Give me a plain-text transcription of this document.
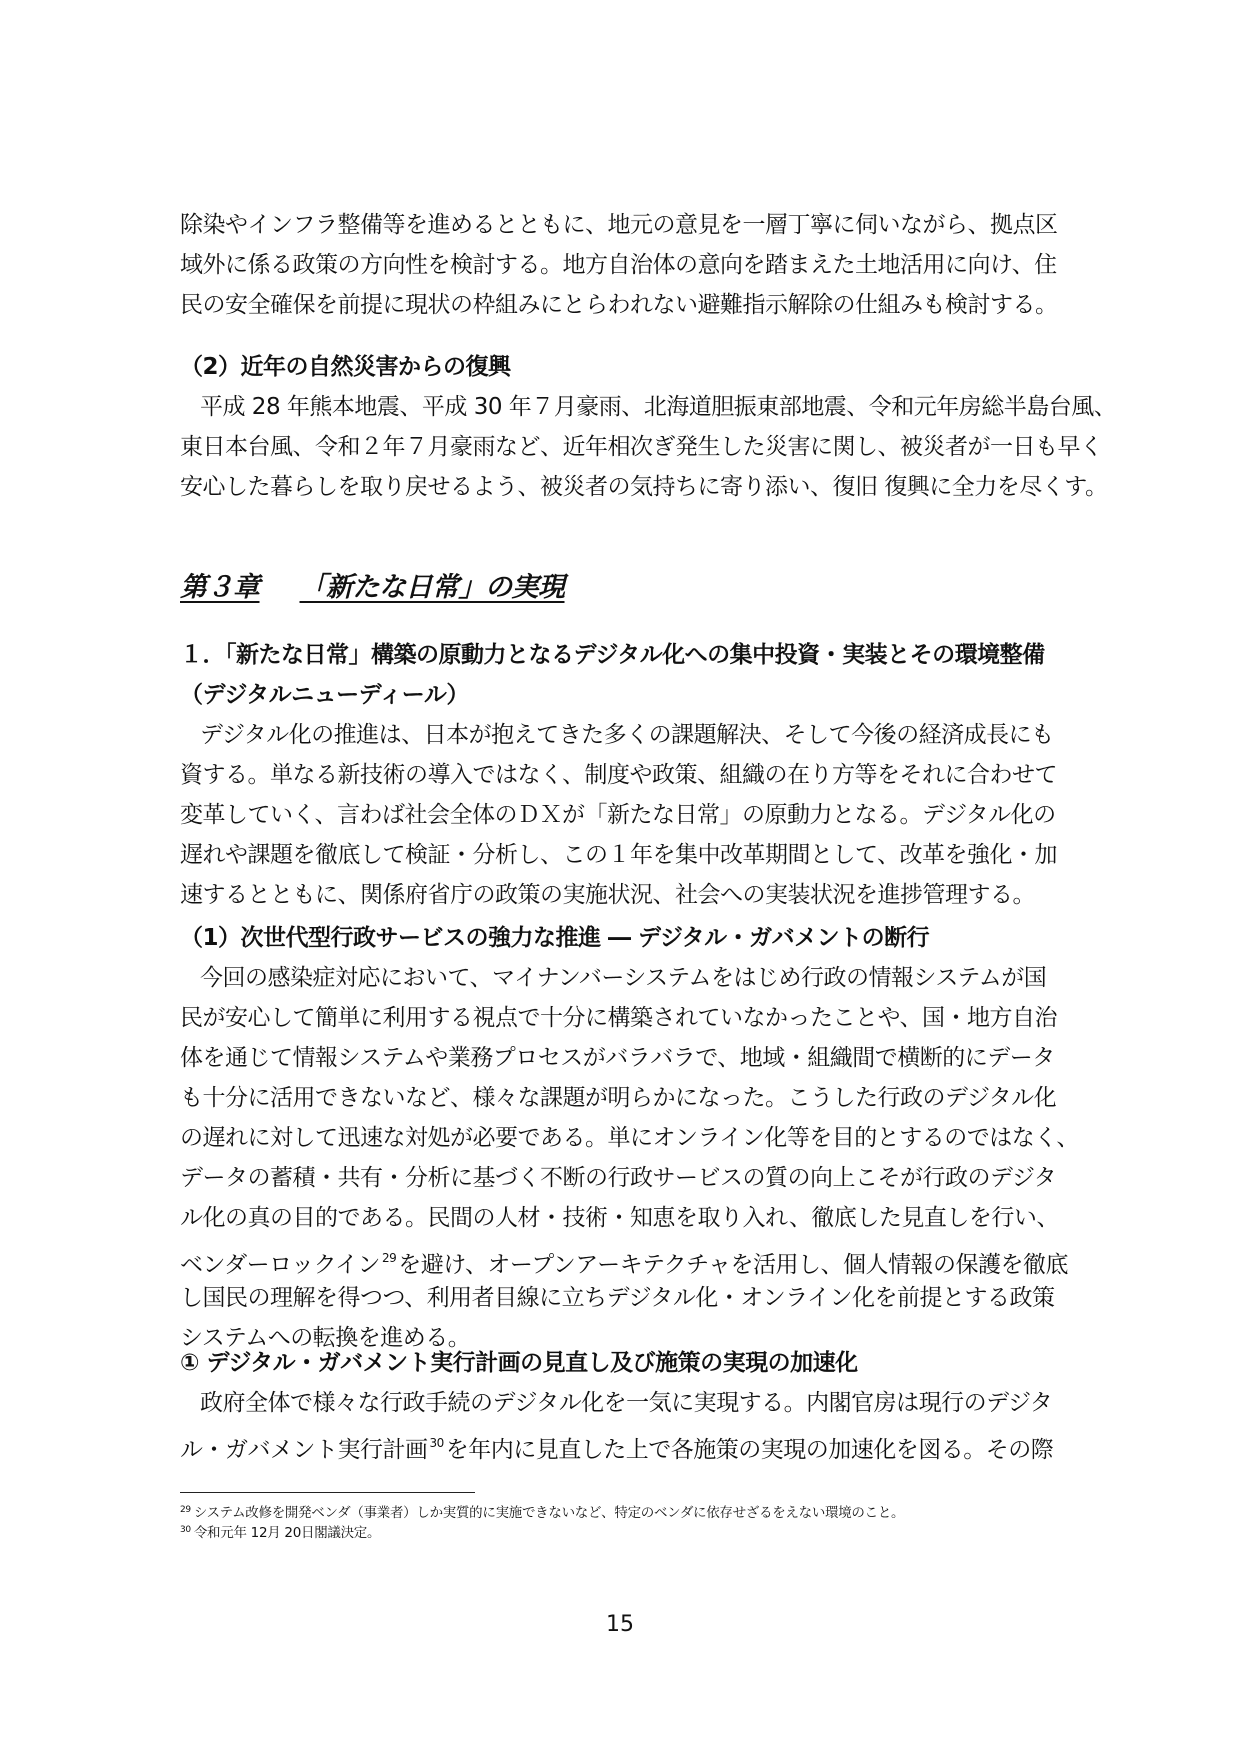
除染やインフラ整備等を進めるとともに、地元の意見を一層丁寧に伺いながら、拠点区
域外に係る政策の方向性を検討する。地方自治体の意向を踏まえた土地活用に向け、住
民の安全確保を前提に現状の枠組みにとらわれない避難指示解除の仕組みも検討する。
（2）近年の自然災害からの復興
平成 28 年熊本地震、平成 30 年７月豪雨、北海道胆振東部地震、令和元年房総半島台風、
東日本台風、令和２年７月豪雨など、近年相次ぎ発生した災害に関し、被災者が一日も早く
安心した暮らしを取り戻せるよう、被災者の気持ちに寄り添い、復旧 復興に全力を尽くす。
第３章 「新たな日常」の実現
１．「新たな日常」構築の原動力となるデジタル化への集中投資・実装とその環境整備
（デジタルニューディール）
デジタル化の推進は、日本が抱えてきた多くの課題解決、そして今後の経済成長にも
資する。単なる新技術の導入ではなく、制度や政策、組織の在り方等をそれに合わせて
変革していく、言わば社会全体のＤＸが「新たな日常」の原動力となる。デジタル化の
遅れや課題を徹底して検証・分析し、この１年を集中改革期間として、改革を強化・加
速するとともに、関係府省庁の政策の実施状況、社会への実装状況を進捗管理する。
（1）次世代型行政サービスの強力な推進 ― デジタル・ガバメントの断行
今回の感染症対応において、マイナンバーシステムをはじめ行政の情報システムが国
民が安心して簡単に利用する視点で十分に構築されていなかったことや、国・地方自治
体を通じて情報システムや業務プロセスがバラバラで、地域・組織間で横断的にデータ
も十分に活用できないなど、様々な課題が明らかになった。こうした行政のデジタル化
の遅れに対して迅速な対処が必要である。単にオンライン化等を目的とするのではなく、
データの蓄積・共有・分析に基づく不断の行政サービスの質の向上こそが行政のデジタ
ル化の真の目的である。民間の人材・技術・知恵を取り入れ、徹底した見直しを行い、
ベンダーロックイン $^{29}$を避け、オープンアーキテクチャを活用し、個人情報の保護を徹底
し国民の理解を得つつ、利用者目線に立ちデジタル化・オンライン化を前提とする政策
システムへの転換を進める。
① デジタル・ガバメント実行計画の見直し及び施策の実現の加速化
政府全体で様々な行政手続のデジタル化を一気に実現する。内閣官房は現行のデジタ
ル・ガバメント実行計画 $^{30}$を年内に見直した上で各施策の実現の加速化を図る。その際
$^{29}$ システム改修を開発ベンダ（事業者）しか実質的に実施できないなど、特定のベンダに依存せざるをえない環境のこと。
$^{30}$ 令和元年 12月 20日閣議決定。
15
